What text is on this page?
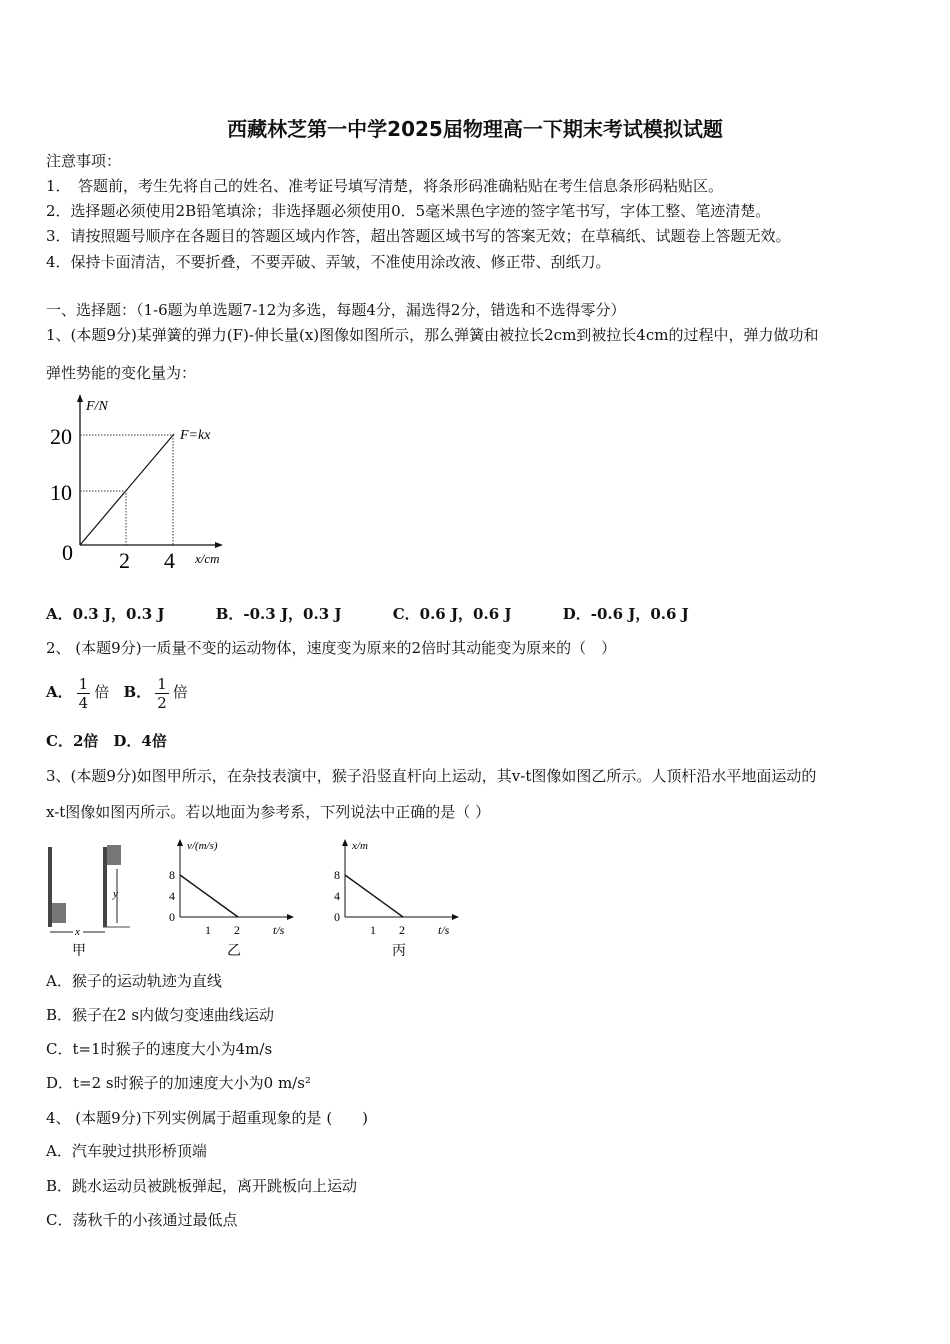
西藏林芝第一中学2025届物理高一下期末考试模拟试题
注意事项：
1．　答题前，考生先将自己的姓名、准考证号填写清楚，将条形码准确粘贴在考生信息条形码粘贴区。
2．选择题必须使用2B铅笔填涂；非选择题必须使用0．5毫米黑色字迹的签字笔书写，字体工整、笔迹清楚。
3．请按照题号顺序在各题目的答题区域内作答，超出答题区域书写的答案无效；在草稿纸、试题卷上答题无效。
4．保持卡面清洁，不要折叠，不要弄破、弄皱，不准使用涂改液、修正带、刮纸刀。
一、选择题：（1-6题为单选题7-12为多选，每题4分，漏选得2分，错选和不选得零分）
1、(本题9分)某弹簧的弹力(F)-伸长量(x)图像如图所示，那么弹簧由被拉长2cm到被拉长4cm的过程中，弹力做功和
弹性势能的变化量为：
F/N
F=kx
20
10
0 2 4 x/cm
A．0.3 J，0.3 J	B．-0.3 J，0.3 J	C．0.6 J，0.6 J	D．-0.6 J，0.6 J
2、 (本题9分)一质量不变的运动物体，速度变为原来的2倍时其动能变为原来的（　）
A． $\frac{1}{4}$ 倍 B． $\frac{1}{2}$ 倍
C．2倍　D．4倍
3、(本题9分)如图甲所示，在杂技表演中，猴子沿竖直杆向上运动，其v-t图像如图乙所示。人顶杆沿水平地面运动的
x-t图像如图丙所示。若以地面为参考系，下列说法中正确的是（ ）
y
x
甲
v/(m/s)
8
4
0
1 2	t/s
乙
x/m
8
4
0
1 2	t/s
丙
A．猴子的运动轨迹为直线
B．猴子在2 s内做匀变速曲线运动
C．t=1时猴子的速度大小为4m/s
D．t=2 s时猴子的加速度大小为0 m/s²
4、 (本题9分)下列实例属于超重现象的是 (　　)
A．汽车驶过拱形桥顶端
B．跳水运动员被跳板弹起，离开跳板向上运动
C．荡秋千的小孩通过最低点
